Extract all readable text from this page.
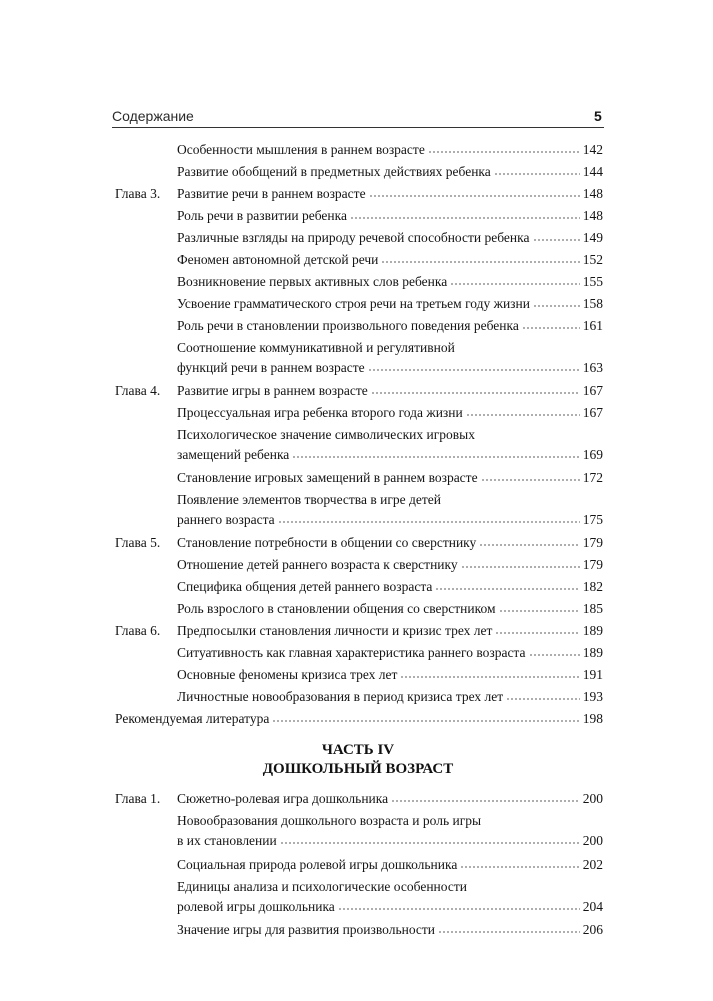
Содержание	5
Особенности мышления в раннем возрасте	142
Развитие обобщений в предметных действиях ребенка	144
Глава 3.	Развитие речи в раннем возрасте	148
Роль речи в развитии ребенка	148
Различные взгляды на природу речевой способности ребенка	149
Феномен автономной детской речи	152
Возникновение первых активных слов ребенка	155
Усвоение грамматического строя речи на третьем году жизни	158
Роль речи в становлении произвольного поведения ребенка	161
Соотношение коммуникативной и регулятивной
функций речи в раннем возрасте	163
Глава 4.	Развитие игры в раннем возрасте	167
Процессуальная игра ребенка второго года жизни	167
Психологическое значение символических игровых
замещений ребенка	169
Становление игровых замещений в раннем возрасте	172
Появление элементов творчества в игре детей
раннего возраста	175
Глава 5.	Становление потребности в общении со сверстнику	179
Отношение детей раннего возраста к сверстнику	179
Специфика общения детей раннего возраста	182
Роль взрослого в становлении общения со сверстником	185
Глава 6.	Предпосылки становления личности и кризис трех лет	189
Ситуативность как главная характеристика раннего возраста	189
Основные феномены кризиса трех лет	191
Личностные новообразования в период кризиса трех лет	193
Рекомендуемая литература	198
ЧАСТЬ IV
ДОШКОЛЬНЫЙ ВОЗРАСТ
Глава 1.	Сюжетно-ролевая игра дошкольника	200
Новообразования дошкольного возраста и роль игры
в их становлении	200
Социальная природа ролевой игры дошкольника	202
Единицы анализа и психологические особенности
ролевой игры дошкольника	204
Значение игры для развития произвольности	206
